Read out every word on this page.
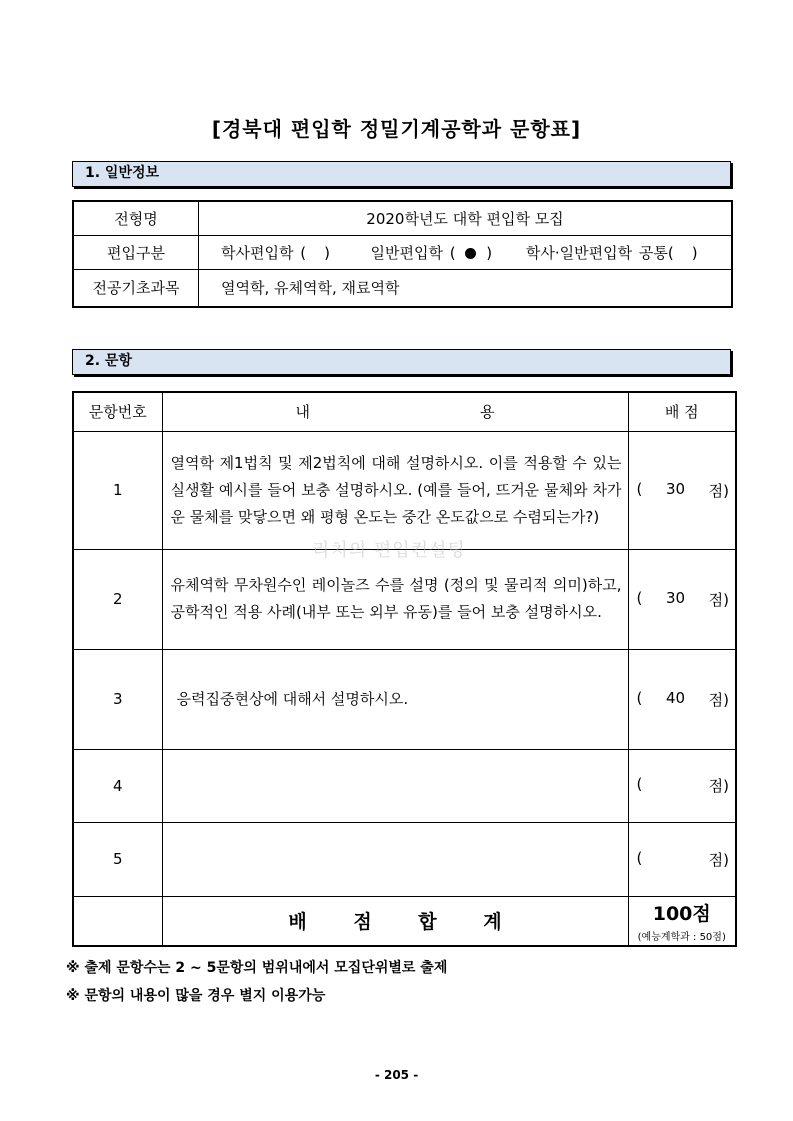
[경북대 편입학 정밀기계공학과 문항표]
1. 일반정보
전형명	2020학년도 대학 편입학 모집
편입구분	학사편입학 ( ) 일반편입학 ( ) 학사·일반편입학 공통( )
전공기초과목	열역학, 유체역학, 재료역학
2. 문항
문항번호	내 용	배 점
1	열역학 제1법칙 및 제2법칙에 대해 설명하시오. 이를 적용할 수 있는 실생활 예시를 들어 보충 설명하시오. (예를 들어, 뜨거운 물체와 차가운 물체를 맞닿으면 왜 평형 온도는 중간 온도값으로 수렴되는가?)	( 30 점)

2	유체역학 무차원수인 레이놀즈 수를 설명 (정의 및 물리적 의미)하고, 공학적인 적용 사례(내부 또는 외부 유동)를 들어 보충 설명하시오.	( 30 점)

3	응력집중현상에 대해서 설명하시오.	( 40 점)

4		( 점)

5		( 점)

	배 점 합 계	100점
(예능계학과 : 50점)
리치의 편입컨설팅
※ 출제 문항수는 2 ~ 5문항의 범위내에서 모집단위별로 출제
※ 문항의 내용이 많을 경우 별지 이용가능
- 205 -
